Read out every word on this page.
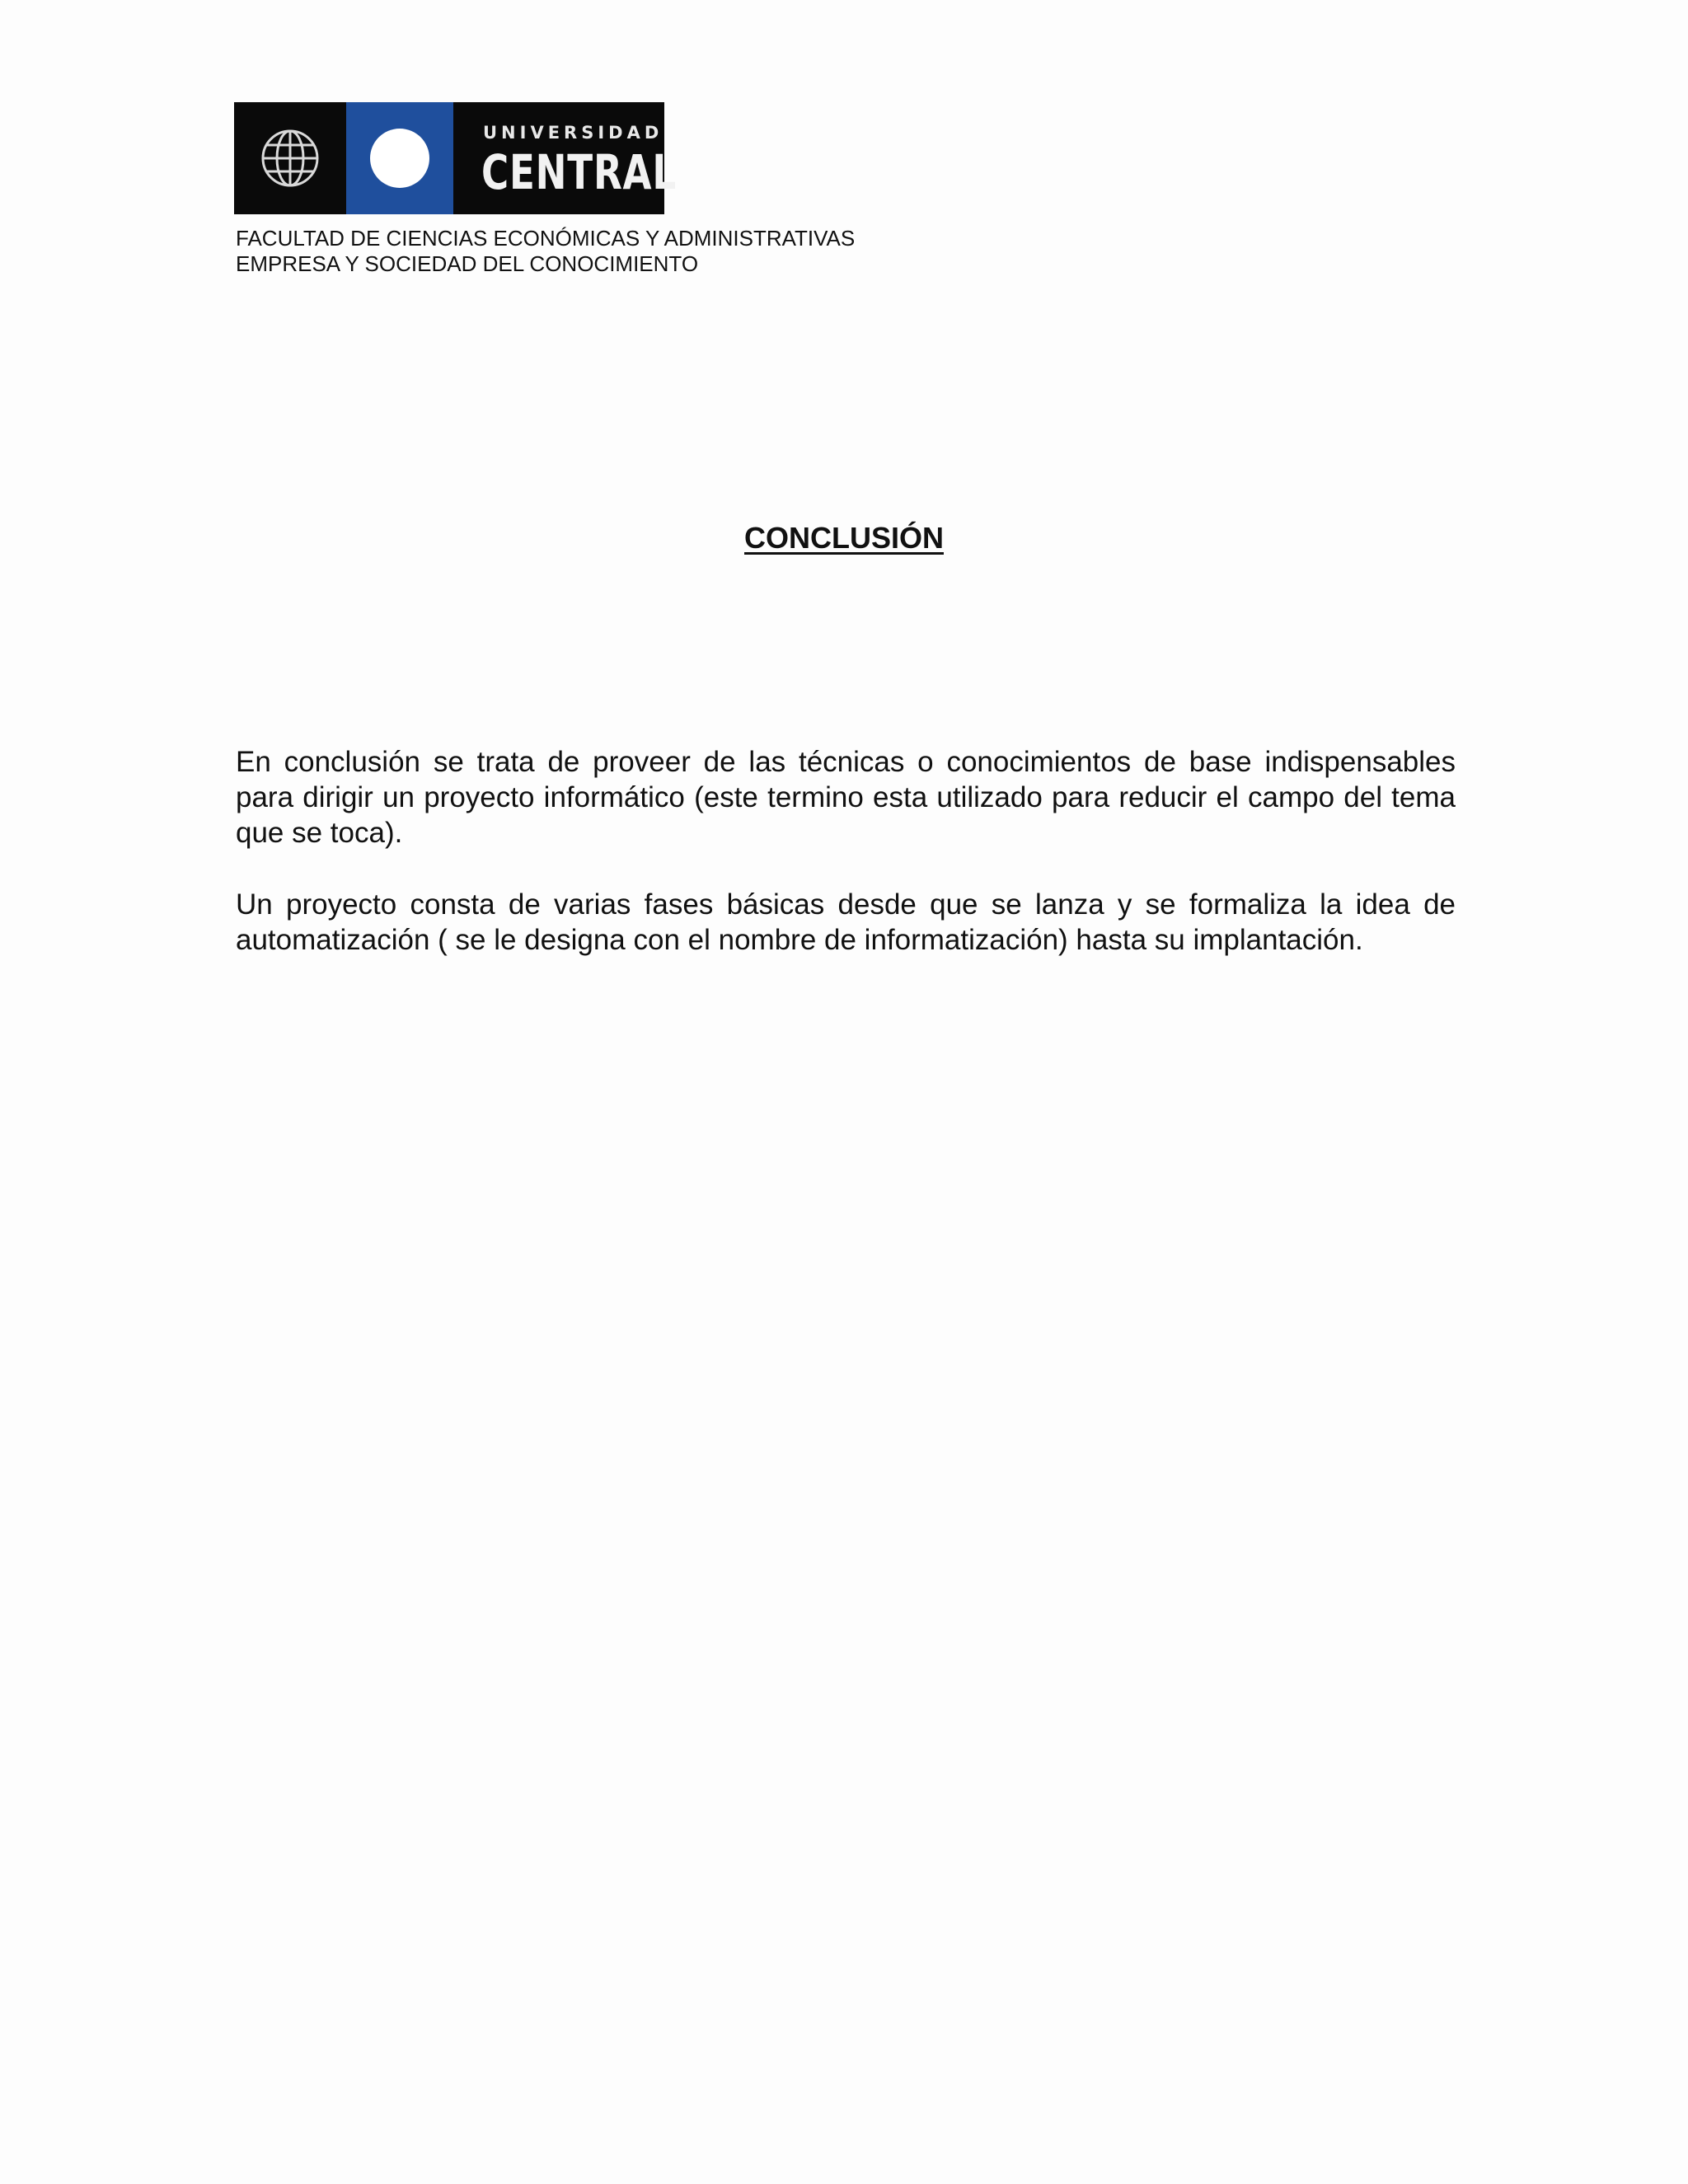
UNIVERSIDAD
CENTRAL
FACULTAD DE CIENCIAS ECONÓMICAS Y ADMINISTRATIVAS
EMPRESA Y SOCIEDAD DEL CONOCIMIENTO
CONCLUSIÓN

En conclusión se trata de proveer de las técnicas o conocimientos de base indispensables para dirigir un proyecto informático (este termino esta utilizado para reducir el campo del tema que se toca).

Un proyecto consta de varias fases básicas desde que se lanza y se formaliza la idea de automatización ( se le designa con el nombre de informatización) hasta su implantación.
